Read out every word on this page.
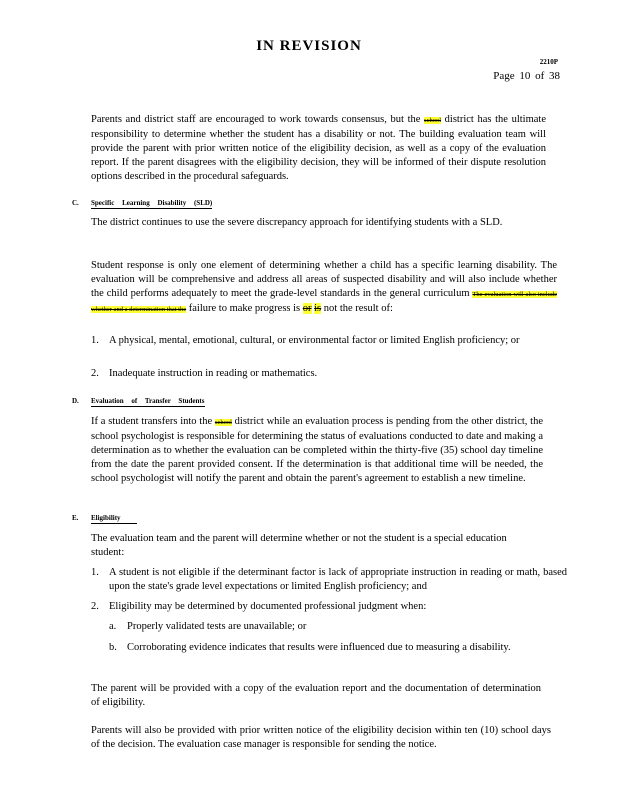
IN REVISION
2210P
Page 10 of 38
Parents and district staff are encouraged to work towards consensus, but the school district has the ultimate responsibility to determine whether the student has a disability or not. The building evaluation team will provide the parent with prior written notice of the eligibility decision, as well as a copy of the evaluation report. If the parent disagrees with the eligibility decision, they will be informed of their dispute resolution options described in the procedural safeguards.
C. Specific Learning Disability (SLD)
The district continues to use the severe discrepancy approach for identifying students with a SLD.
Student response is only one element of determining whether a child has a specific learning disability. The evaluation will be comprehensive and address all areas of suspected disability and will also include whether the child performs adequately to meet the grade-level standards in the general curriculum The evaluation will also include whether and a determination that the failure to make progress is or is not the result of:
1. A physical, mental, emotional, cultural, or environmental factor or limited English proficiency; or
2. Inadequate instruction in reading or mathematics.
D. Evaluation of Transfer Students
If a student transfers into the school district while an evaluation process is pending from the other district, the school psychologist is responsible for determining the status of evaluations conducted to date and making a determination as to whether the evaluation can be completed within the thirty-five (35) school day timeline from the date the parent provided consent. If the determination is that additional time will be needed, the school psychologist will notify the parent and obtain the parent's agreement to establish a new timeline.
E. Eligibility
The evaluation team and the parent will determine whether or not the student is a special education student:
1. A student is not eligible if the determinant factor is lack of appropriate instruction in reading or math, based upon the state's grade level expectations or limited English proficiency; and
2. Eligibility may be determined by documented professional judgment when:
a. Properly validated tests are unavailable; or
b. Corroborating evidence indicates that results were influenced due to measuring a disability.
The parent will be provided with a copy of the evaluation report and the documentation of determination of eligibility.
Parents will also be provided with prior written notice of the eligibility decision within ten (10) school days of the decision. The evaluation case manager is responsible for sending the notice.
